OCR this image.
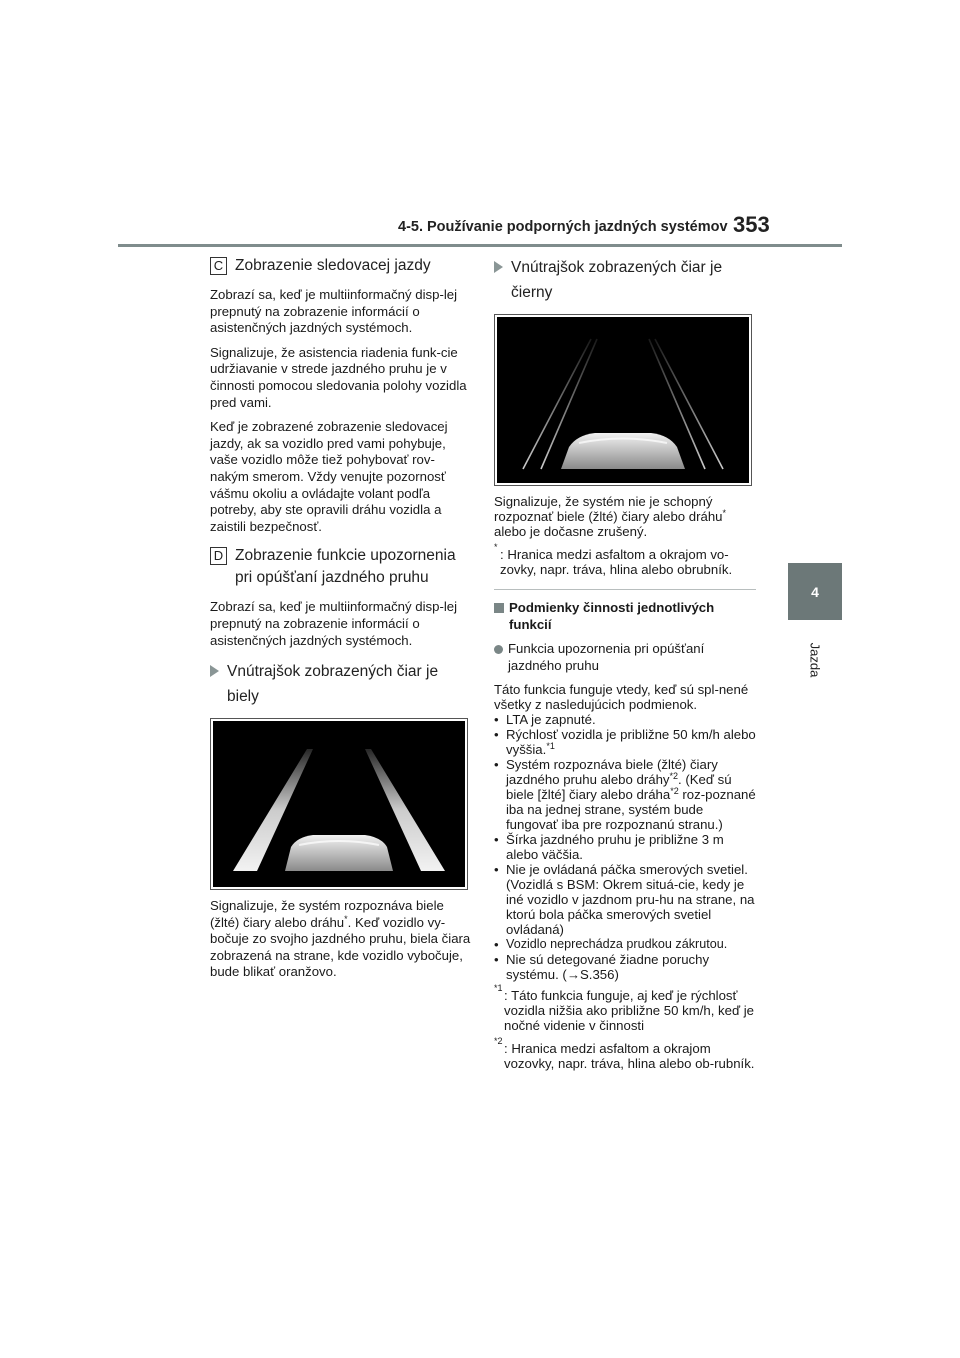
4-5. Používanie podporných jazdných systémov 353
4
Jazda
C Zobrazenie sledovacej jazdy

Zobrazí sa, keď je multiinformačný disp-lej prepnutý na zobrazenie informácií o asistenčných jazdných systémoch.

Signalizuje, že asistencia riadenia funk-cie udržiavanie v strede jazdného pruhu je v činnosti pomocou sledovania polohy vozidla pred vami.

Keď je zobrazené zobrazenie sledovacej jazdy, ak sa vozidlo pred vami pohybuje, vaše vozidlo môže tiež pohybovať rov-nakým smerom. Vždy venujte pozornosť vášmu okoliu a ovládajte volant podľa potreby, aby ste opravili dráhu vozidla a zaistili bezpečnosť.

D Zobrazenie funkcie upozornenia
pri opúšťaní jazdného pruhu

Zobrazí sa, keď je multiinformačný disp-lej prepnutý na zobrazenie informácií o asistenčných jazdných systémoch.

Vnútrajšok zobrazených čiar je
biely

Signalizuje, že systém rozpoznáva biele (žlté) čiary alebo dráhu*. Keď vozidlo vy-bočuje zo svojho jazdného pruhu, biela čiara zobrazená na strane, kde vozidlo vybočuje, bude blikať oranžovo.

Vnútrajšok zobrazených čiar je
čierny

Signalizuje, že systém nie je schopný rozpoznať biele (žlté) čiary alebo dráhu* alebo je dočasne zrušený.

* : Hranica medzi asfaltom a okrajom vo-zovky, napr. tráva, hlina alebo obrubník.
Podmienky činnosti jednotlivých funkcií
Funkcia upozornenia pri opúšťaní jazdného pruhu

Táto funkcia funguje vtedy, keď sú spl-nené všetky z nasledujúcich podmienok.

• LTA je zapnuté.
• Rýchlosť vozidla je približne 50 km/h alebo vyššia.$^{*1}$
• Systém rozpoznáva biele (žlté) čiary jazdného pruhu alebo dráhy$^{*2}$. (Keď sú biele [žlté] čiary alebo dráha$^{*2}$ roz-poznané iba na jednej strane, systém bude fungovať iba pre rozpoznanú stranu.)
• Šírka jazdného pruhu je približne 3 m alebo väčšia.
• Nie je ovládaná páčka smerových svetiel. (Vozidlá s BSM: Okrem situá-cie, kedy je iné vozidlo v jazdnom pru-hu na strane, na ktorú bola páčka smerových svetiel ovládaná)
• Vozidlo neprechádza prudkou zákrutou.
• Nie sú detegované žiadne poruchy systému. (→S.356)
*1 : Táto funkcia funguje, aj keď je rýchlosť vozidla nižšia ako približne 50 km/h, keď je nočné videnie v činnosti
*2 : Hranica medzi asfaltom a okrajom vozovky, napr. tráva, hlina alebo ob-rubník.
